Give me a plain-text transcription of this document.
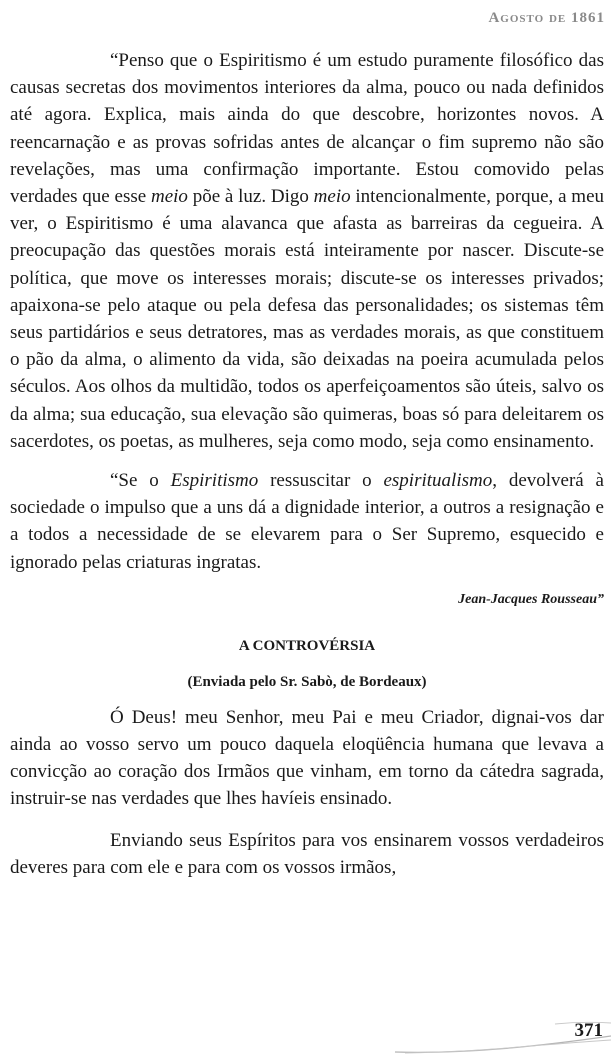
Agosto de 1861

“Penso que o Espiritismo é um estudo puramente filosófico das causas secretas dos movimentos interiores da alma, pouco ou nada definidos até agora. Explica, mais ainda do que descobre, horizontes novos. A reencarnação e as provas sofridas antes de alcançar o fim supremo não são revelações, mas uma confirmação importante. Estou comovido pelas verdades que esse meio põe à luz. Digo meio intencionalmente, porque, a meu ver, o Espiritismo é uma alavanca que afasta as barreiras da cegueira. A preocupação das questões morais está inteiramente por nascer. Discute-se política, que move os interesses morais; discute-se os interesses privados; apaixona-se pelo ataque ou pela defesa das personalidades; os sistemas têm seus partidários e seus detratores, mas as verdades morais, as que constituem o pão da alma, o alimento da vida, são deixadas na poeira acumulada pelos séculos. Aos olhos da multidão, todos os aperfeiçoamentos são úteis, salvo os da alma; sua educação, sua elevação são quimeras, boas só para deleitarem os sacerdotes, os poetas, as mulheres, seja como modo, seja como ensinamento.

“Se o Espiritismo ressuscitar o espiritualismo, devolverá à sociedade o impulso que a uns dá a dignidade interior, a outros a resignação e a todos a necessidade de se elevarem para o Ser Supremo, esquecido e ignorado pelas criaturas ingratas.

Jean-Jacques Rousseau”
A CONTROVÉRSIA
(Enviada pelo Sr. Sabò, de Bordeaux)

Ó Deus! meu Senhor, meu Pai e meu Criador, dignai-vos dar ainda ao vosso servo um pouco daquela eloqüência humana que levava a convicção ao coração dos Irmãos que vinham, em torno da cátedra sagrada, instruir-se nas verdades que lhes havíeis ensinado.

Enviando seus Espíritos para vos ensinarem vossos verdadeiros deveres para com ele e para com os vossos irmãos,

371
